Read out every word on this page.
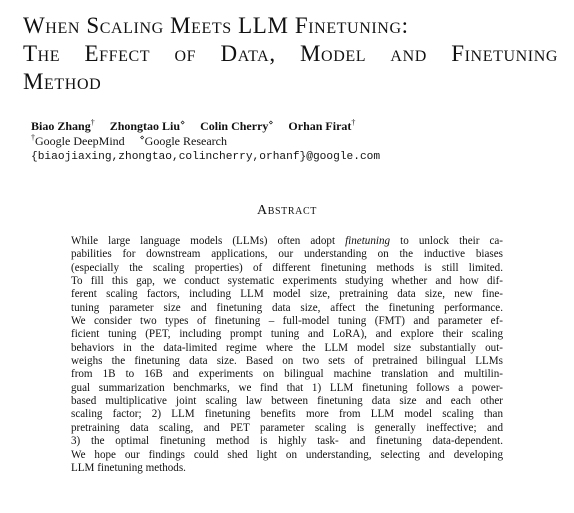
When Scaling Meets LLM Finetuning:
The Effect of Data, Model and Finetuning
Method
Biao Zhang† Zhongtao Liu⋄ Colin Cherry⋄ Orhan Firat†
†Google DeepMind ⋄Google Research
{biaojiaxing,zhongtao,colincherry,orhanf}@google.com
Abstract
While large language models (LLMs) often adopt finetuning to unlock their ca-
pabilities for downstream applications, our understanding on the inductive biases
(especially the scaling properties) of different finetuning methods is still limited.
To fill this gap, we conduct systematic experiments studying whether and how dif-
ferent scaling factors, including LLM model size, pretraining data size, new fine-
tuning parameter size and finetuning data size, affect the finetuning performance.
We consider two types of finetuning – full-model tuning (FMT) and parameter ef-
ficient tuning (PET, including prompt tuning and LoRA), and explore their scaling
behaviors in the data-limited regime where the LLM model size substantially out-
weighs the finetuning data size. Based on two sets of pretrained bilingual LLMs
from 1B to 16B and experiments on bilingual machine translation and multilin-
gual summarization benchmarks, we find that 1) LLM finetuning follows a power-
based multiplicative joint scaling law between finetuning data size and each other
scaling factor; 2) LLM finetuning benefits more from LLM model scaling than
pretraining data scaling, and PET parameter scaling is generally ineffective; and
3) the optimal finetuning method is highly task- and finetuning data-dependent.
We hope our findings could shed light on understanding, selecting and developing
LLM finetuning methods.
